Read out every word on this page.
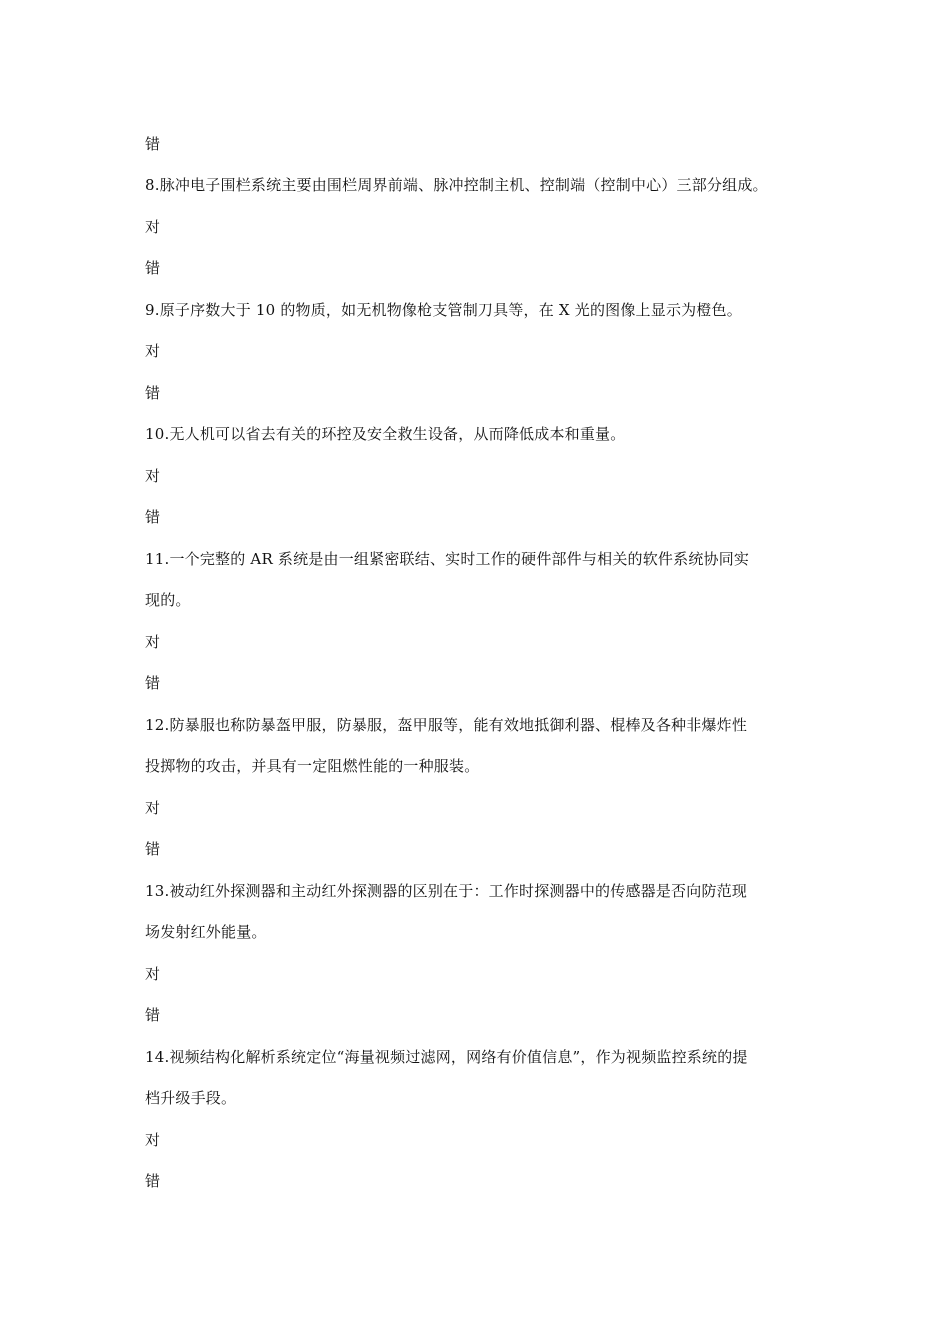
错
8.脉冲电子围栏系统主要由围栏周界前端、脉冲控制主机、控制端（控制中心）三部分组成。
对
错
9.原子序数大于 10 的物质，如无机物像枪支管制刀具等，在 X 光的图像上显示为橙色。
对
错
10.无人机可以省去有关的环控及安全救生设备，从而降低成本和重量。
对
错
11.一个完整的 AR 系统是由一组紧密联结、实时工作的硬件部件与相关的软件系统协同实
现的。
对
错
12.防暴服也称防暴盔甲服，防暴服，盔甲服等，能有效地抵御利器、棍棒及各种非爆炸性
投掷物的攻击，并具有一定阻燃性能的一种服装。
对
错
13.被动红外探测器和主动红外探测器的区别在于：工作时探测器中的传感器是否向防范现
场发射红外能量。
对
错
14.视频结构化解析系统定位“海量视频过滤网，网络有价值信息”，作为视频监控系统的提
档升级手段。
对
错
